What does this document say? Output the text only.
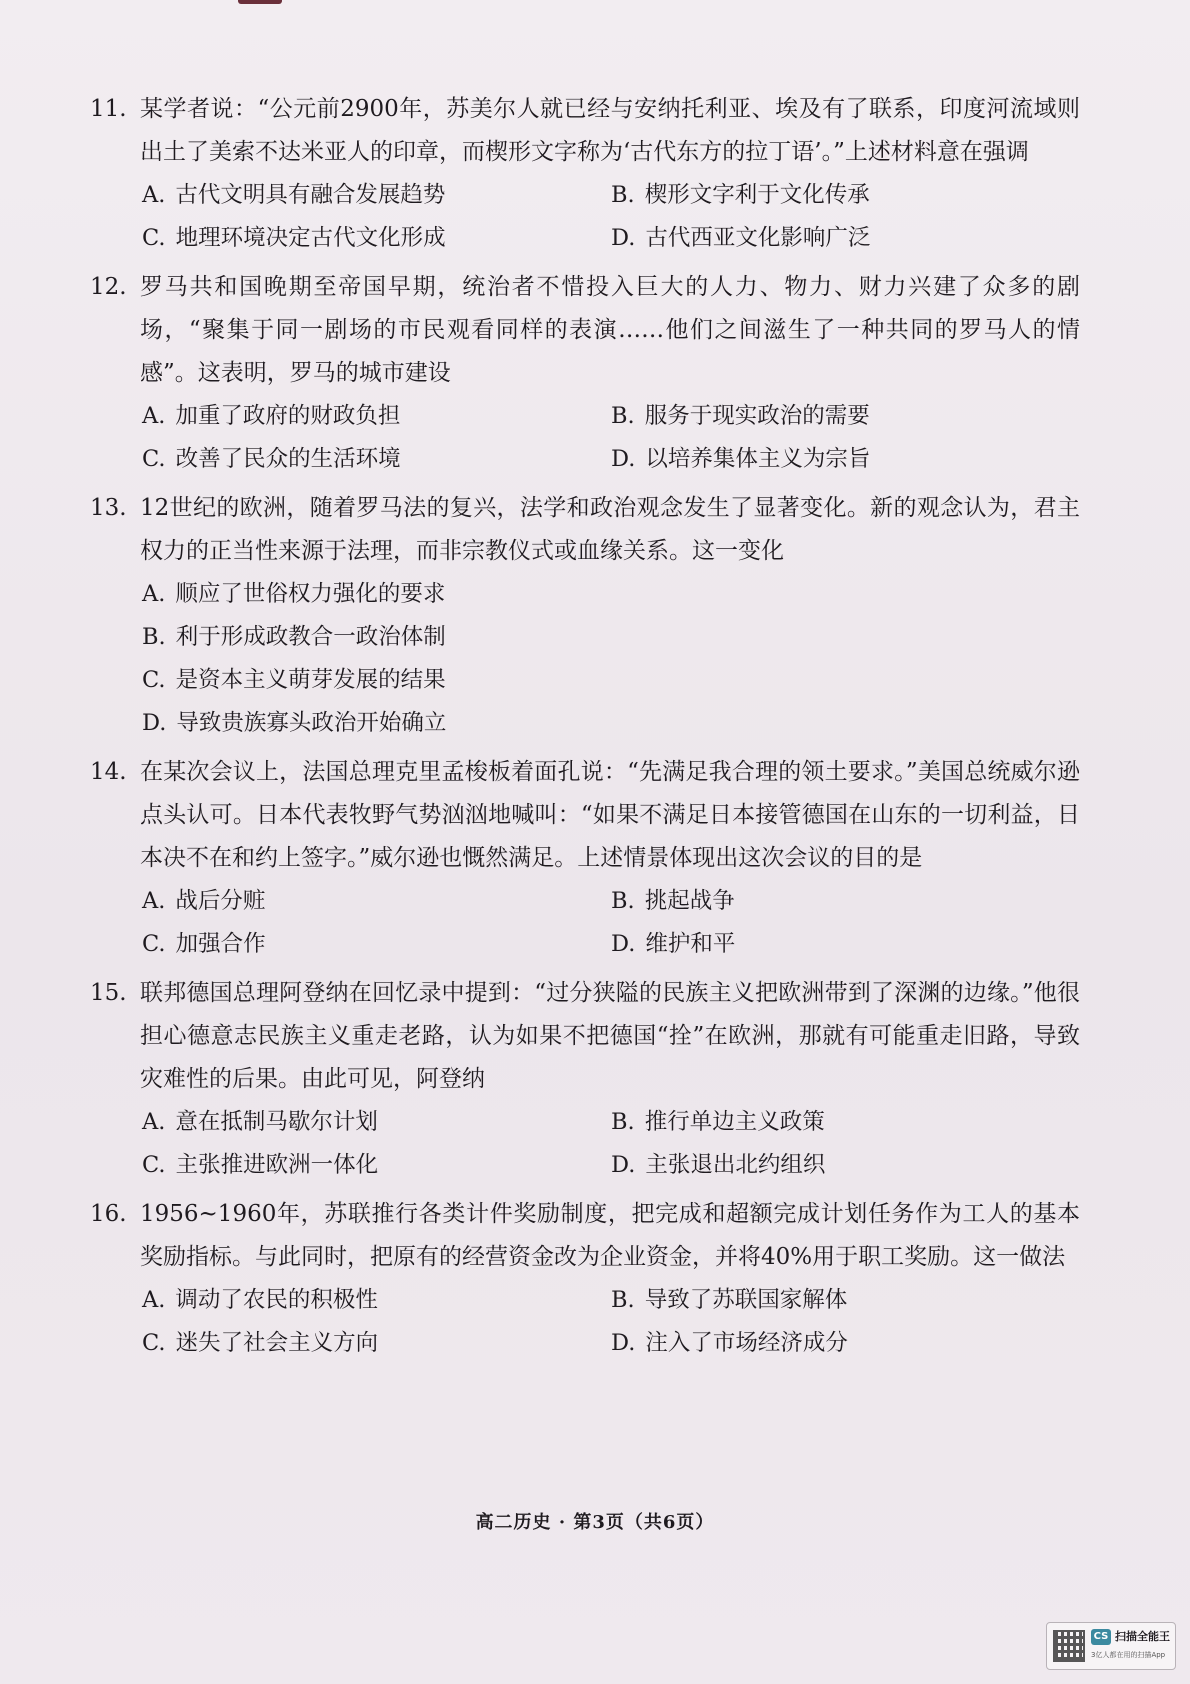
11. 某学者说：“公元前2900年，苏美尔人就已经与安纳托利亚、埃及有了联系，印度河流域则出土了美索不达米亚人的印章，而楔形文字称为‘古代东方的拉丁语’。”上述材料意在强调
A. 古代文明具有融合发展趋势	B. 楔形文字利于文化传承
C. 地理环境决定古代文化形成	D. 古代西亚文化影响广泛
12. 罗马共和国晚期至帝国早期，统治者不惜投入巨大的人力、物力、财力兴建了众多的剧场，“聚集于同一剧场的市民观看同样的表演……他们之间滋生了一种共同的罗马人的情感”。这表明，罗马的城市建设
A. 加重了政府的财政负担	B. 服务于现实政治的需要
C. 改善了民众的生活环境	D. 以培养集体主义为宗旨
13. 12世纪的欧洲，随着罗马法的复兴，法学和政治观念发生了显著变化。新的观念认为，君主权力的正当性来源于法理，而非宗教仪式或血缘关系。这一变化
A. 顺应了世俗权力强化的要求
B. 利于形成政教合一政治体制
C. 是资本主义萌芽发展的结果
D. 导致贵族寡头政治开始确立
14. 在某次会议上，法国总理克里孟梭板着面孔说：“先满足我合理的领土要求。”美国总统威尔逊点头认可。日本代表牧野气势汹汹地喊叫：“如果不满足日本接管德国在山东的一切利益，日本决不在和约上签字。”威尔逊也慨然满足。上述情景体现出这次会议的目的是
A. 战后分赃	B. 挑起战争
C. 加强合作	D. 维护和平
15. 联邦德国总理阿登纳在回忆录中提到：“过分狭隘的民族主义把欧洲带到了深渊的边缘。”他很担心德意志民族主义重走老路，认为如果不把德国“拴”在欧洲，那就有可能重走旧路，导致灾难性的后果。由此可见，阿登纳
A. 意在抵制马歇尔计划	B. 推行单边主义政策
C. 主张推进欧洲一体化	D. 主张退出北约组织
16. 1956~1960年，苏联推行各类计件奖励制度，把完成和超额完成计划任务作为工人的基本奖励指标。与此同时，把原有的经营资金改为企业资金，并将40%用于职工奖励。这一做法
A. 调动了农民的积极性	B. 导致了苏联国家解体
C. 迷失了社会主义方向	D. 注入了市场经济成分
高二历史 · 第3页（共6页）
CS 扫描全能王
3亿人都在用的扫描App
